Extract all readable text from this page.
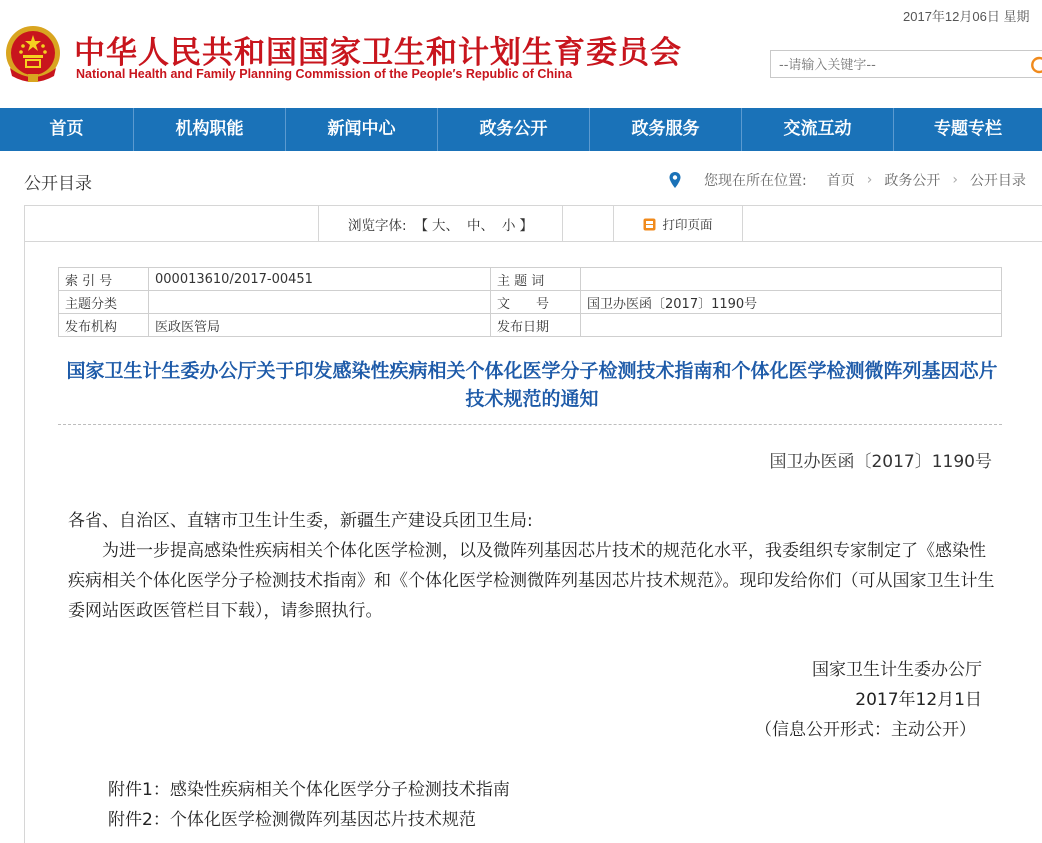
中华人民共和国国家卫生和计划生育委员会
National Health and Family Planning Commission of the People′s Republic of China
2017年12月06日 星期
--请输入关键字--
首页	机构职能	新闻中心	政务公开	政务服务	交流互动	专题专栏
公开目录	您现在所在位置: 首页 › 政务公开 › 公开目录
浏览字体: 【 大、 中、 小 】	打印页面
索 引 号	000013610/2017-00451	主 题 词	
主题分类		文　　号	国卫办医函〔2017〕1190号
发布机构	医政医管局	发布日期	
国家卫生计生委办公厅关于印发感染性疾病相关个体化医学分子检测技术指南和个体化医学检测微阵列基因芯片技术规范的通知
国卫办医函〔2017〕1190号

各省、自治区、直辖市卫生计生委，新疆生产建设兵团卫生局:

为进一步提高感染性疾病相关个体化医学检测，以及微阵列基因芯片技术的规范化水平，我委组织专家制定了《感染性疾病相关个体化医学分子检测技术指南》和《个体化医学检测微阵列基因芯片技术规范》。现印发给你们（可从国家卫生计生委网站医政医管栏目下载），请参照执行。

国家卫生计生委办公厅
2017年12月1日
（信息公开形式：主动公开）
附件1：感染性疾病相关个体化医学分子检测技术指南
附件2：个体化医学检测微阵列基因芯片技术规范
